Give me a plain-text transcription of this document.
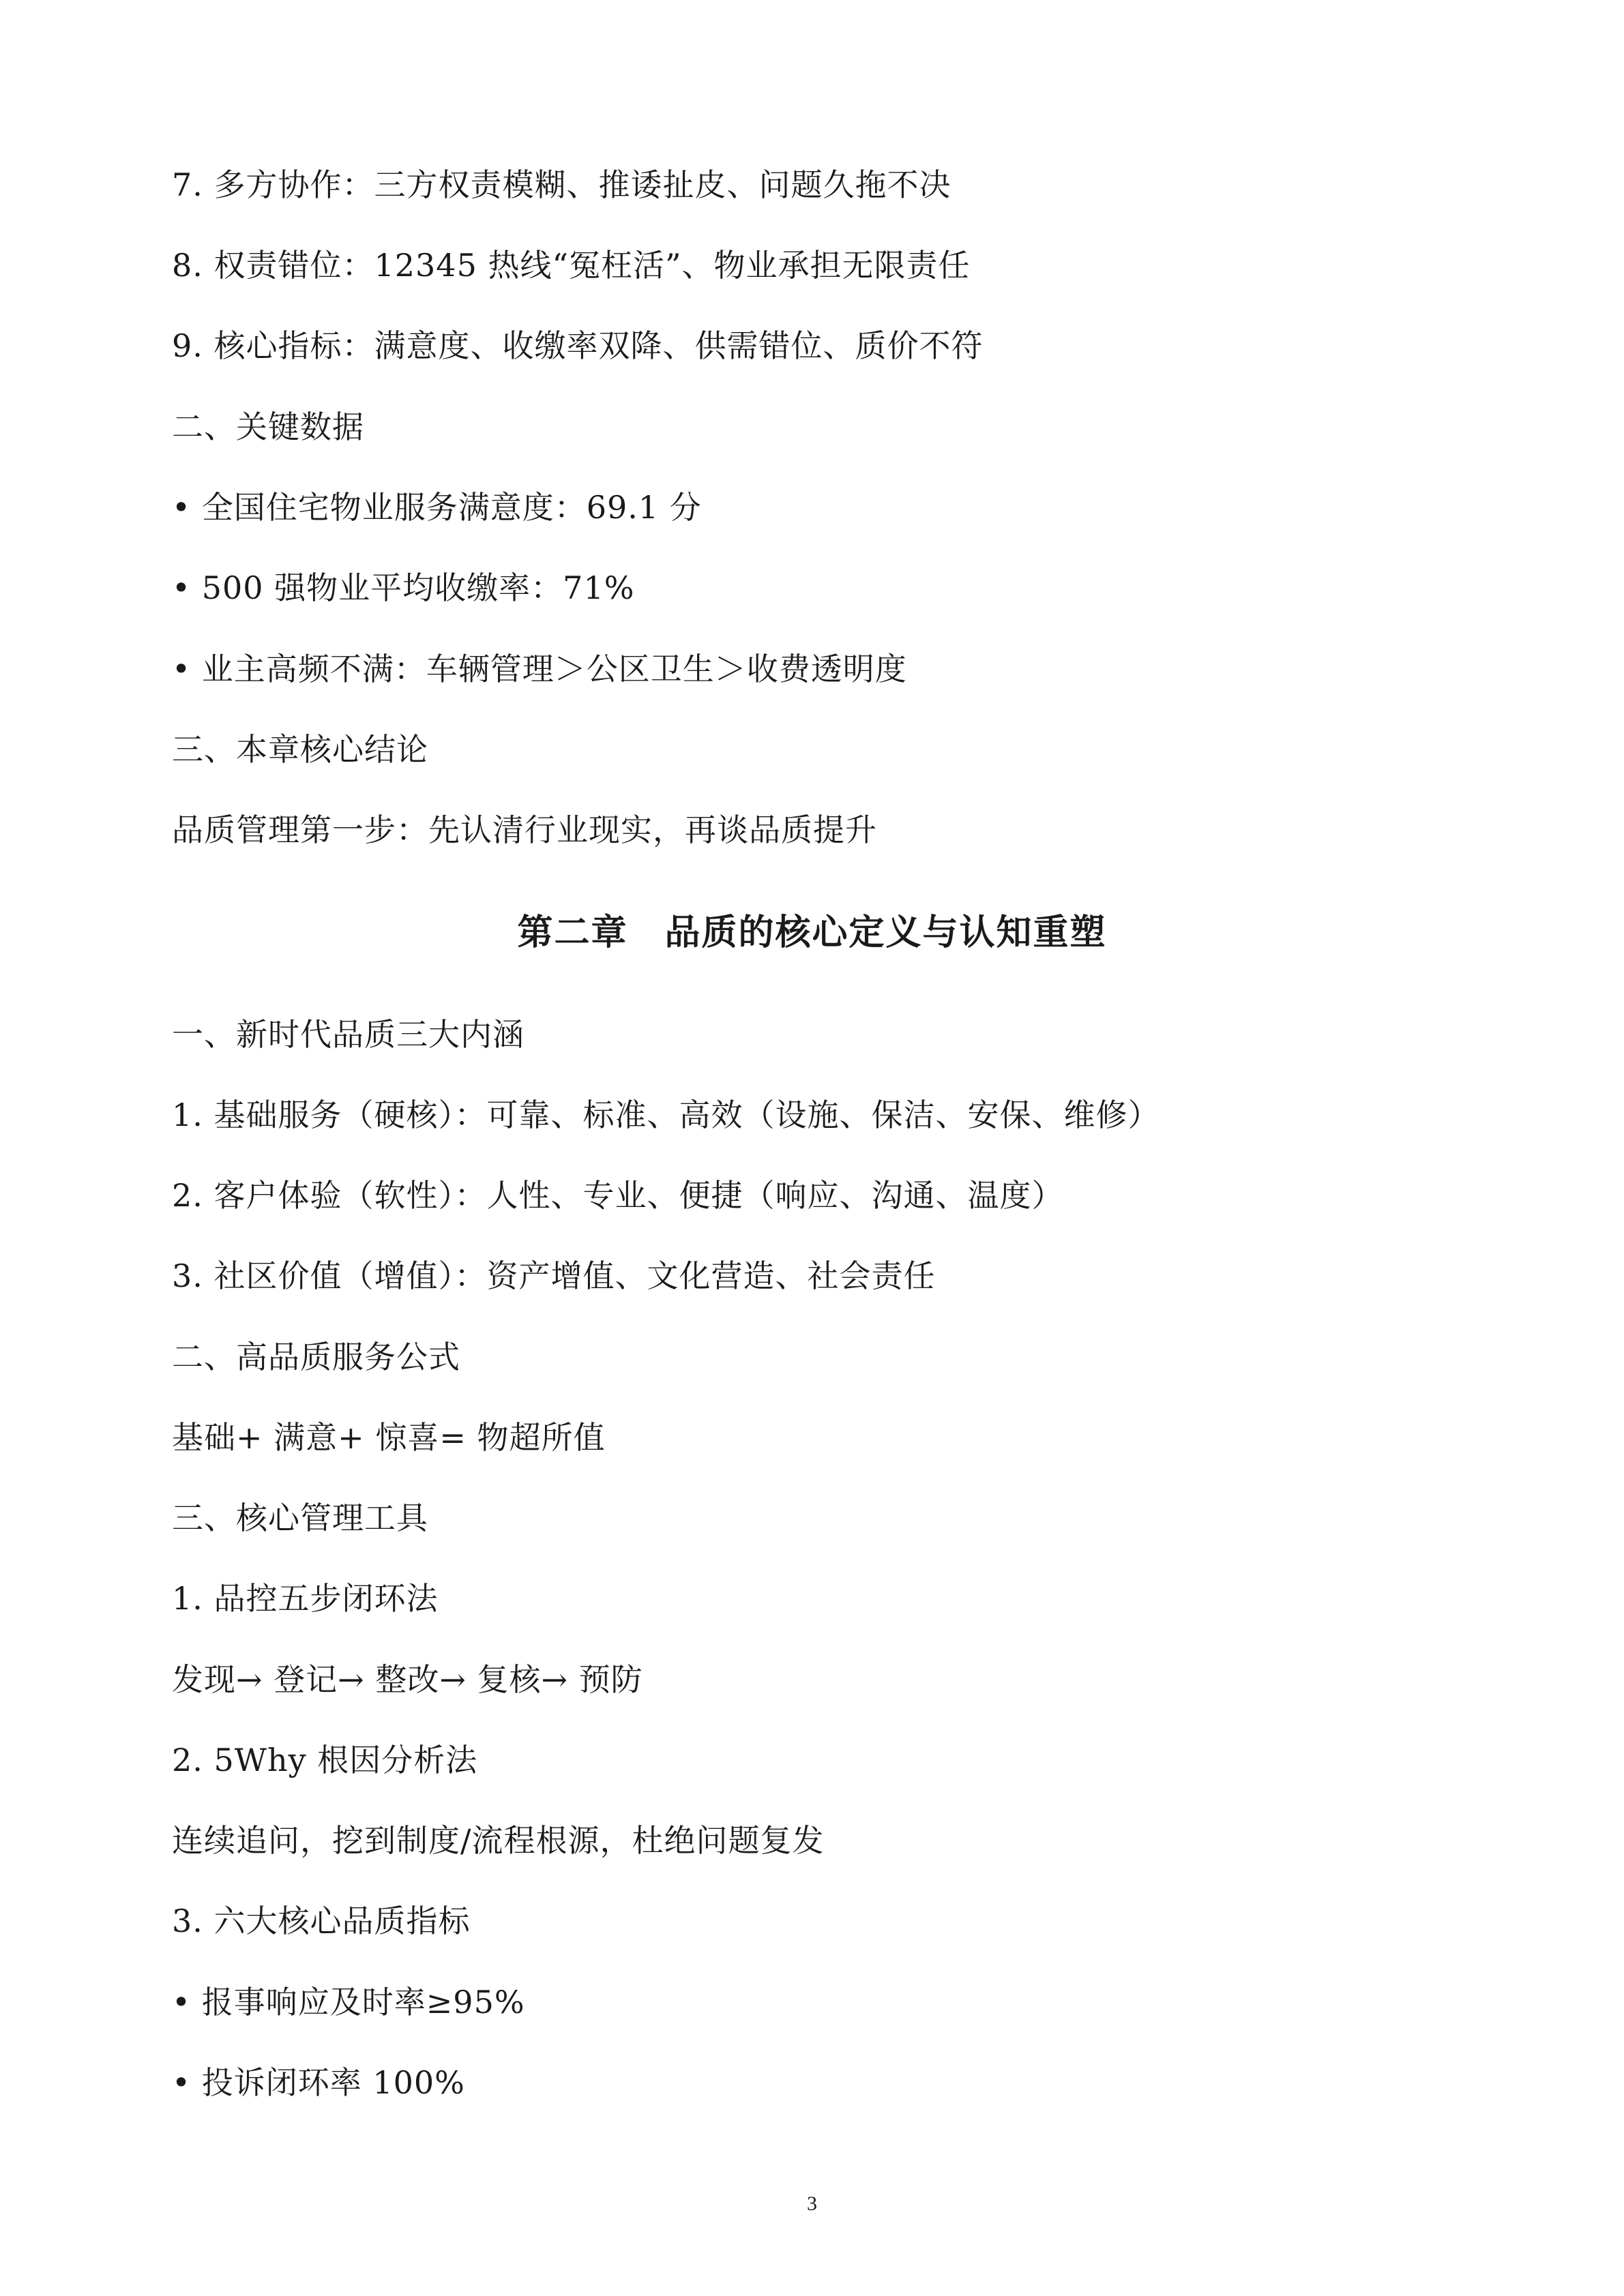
7. 多方协作：三方权责模糊、推诿扯皮、问题久拖不决
8. 权责错位：12345 热线“冤枉活”、物业承担无限责任
9. 核心指标：满意度、收缴率双降、供需错位、质价不符
二、关键数据
• 全国住宅物业服务满意度：69.1 分
• 500 强物业平均收缴率：71%
• 业主高频不满：车辆管理＞公区卫生＞收费透明度
三、本章核心结论
品质管理第一步：先认清行业现实，再谈品质提升
第二章　品质的核心定义与认知重塑
一、新时代品质三大内涵
1. 基础服务（硬核）：可靠、标准、高效（设施、保洁、安保、维修）
2. 客户体验（软性）：人性、专业、便捷（响应、沟通、温度）
3. 社区价值（增值）：资产增值、文化营造、社会责任
二、高品质服务公式
基础+ 满意+ 惊喜= 物超所值
三、核心管理工具
1. 品控五步闭环法
发现→ 登记→ 整改→ 复核→ 预防
2. 5Why 根因分析法
连续追问，挖到制度/流程根源，杜绝问题复发
3. 六大核心品质指标
• 报事响应及时率≥95%
• 投诉闭环率 100%
3
